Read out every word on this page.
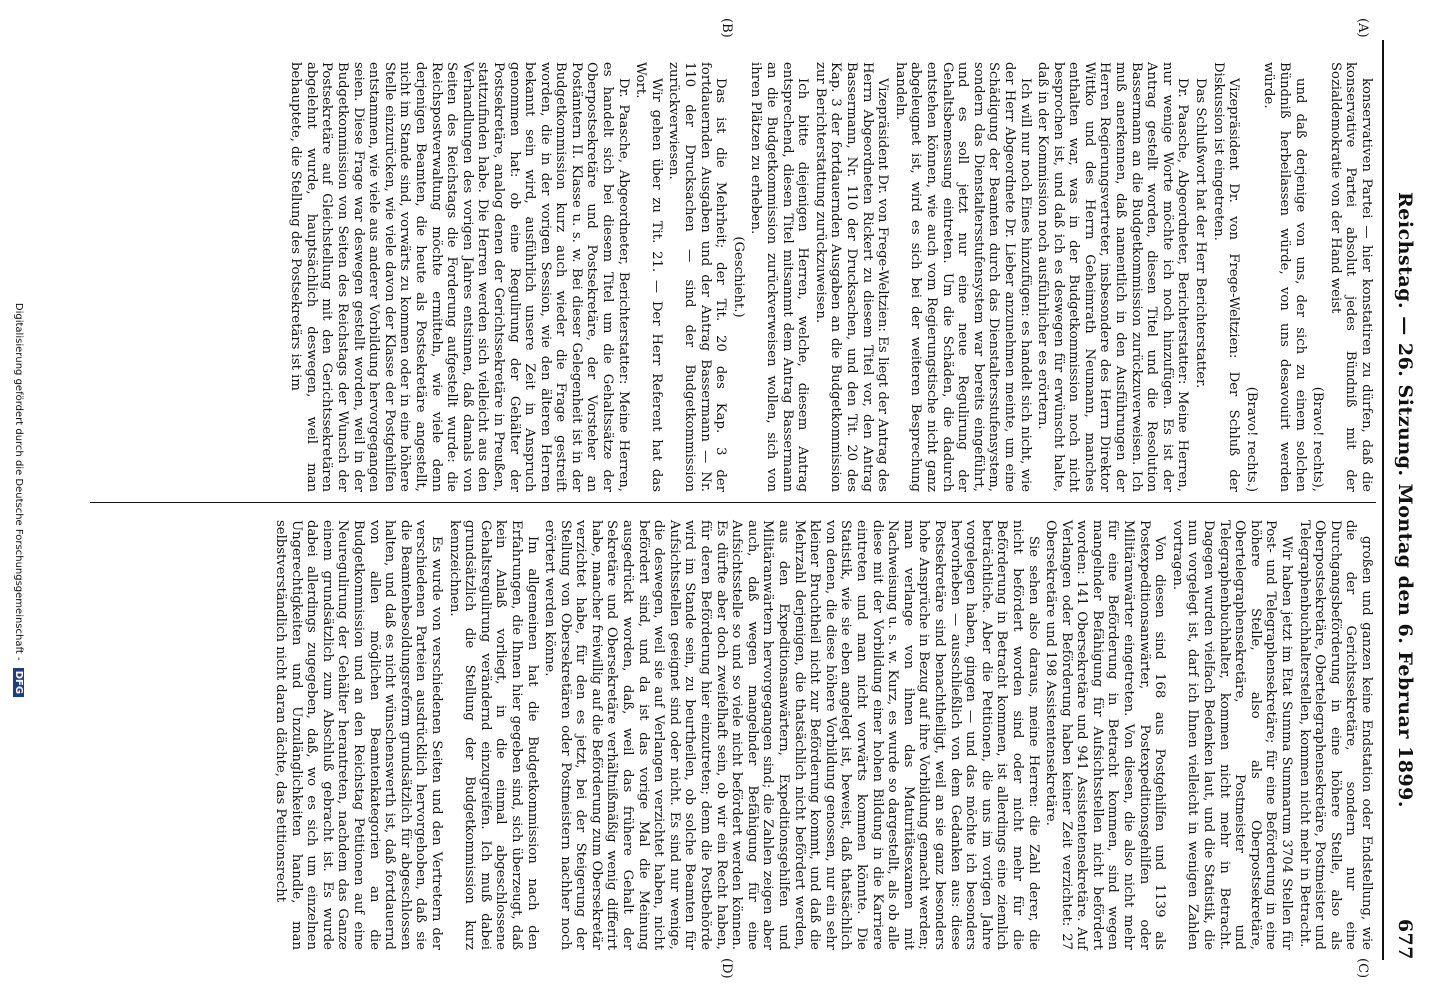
Reichstag. — 26. Sitzung. Montag den 6. Februar 1899.
677
(A)
(B)
(C)
(D)

konservativen Partei — hier konstatiren zu dürfen, daß die konservative Partei absolut jedes Bündniß mit der Sozialdemokratie von der Hand weist

(Bravo! rechts),

und daß derjenige von uns, der sich zu einem solchen Bündniß herbeilassen würde, von uns desavouirt werden würde.

(Bravo! rechts.)

Vizepräsident Dr. von Frege-Weltzien: Der Schluß der Diskussion ist eingetreten.

Das Schlußwort hat der Herr Berichterstatter.

Dr. Paasche, Abgeordneter, Berichterstatter: Meine Herren, nur wenige Worte möchte ich noch hinzufügen. Es ist der Antrag gestellt worden, diesen Titel und die Resolution Bassermann an die Budgetkommission zurückzuverweisen. Ich muß anerkennen, daß namentlich in den Ausführungen der Herren Regierungsvertreter, insbesondere des Herrn Direktor Wittko und des Herrn Geheimrath Neumann, manches enthalten war, was in der Budgetkommission noch nicht besprochen ist, und daß ich es deswegen für erwünscht halte, daß in der Kommission noch ausführlicher es erörtern.

Ich will nur noch Eines hinzufügen: es handelt sich nicht, wie der Herr Abgeordnete Dr. Lieber anzunehmen meinte, um eine Schädigung der Beamten durch das Dienstaltersstufensystem, sondern das Dienstaltersstufensystem war bereits eingeführt, und es soll jetzt nur eine neue Regulirung der Gehaltsbemessung eintreten. Um die Schäden, die dadurch entstehen können, wie auch vom Regierungstische nicht ganz abgeleugnet ist, wird es sich bei der weiteren Besprechung handeln.

Vizepräsident Dr. von Frege-Weltzien: Es liegt der Antrag des Herrn Abgeordneten Rickert zu diesem Titel vor, den Antrag Bassermann, Nr. 110 der Drucksachen, und den Tit. 20 des Kap. 3 der fortdauernden Ausgaben an die Budgetkommission zur Berichterstattung zurückzuweisen.

Ich bitte diejenigen Herren, welche, diesem Antrag entsprechend, diesen Titel mitsammt dem Antrag Bassermann an die Budgetkommission zurückverweisen wollen, sich von ihren Plätzen zu erheben.

(Geschieht.)

Das ist die Mehrheit; der Tit. 20 des Kap. 3 der fortdauernden Ausgaben und der Antrag Bassermann — Nr. 110 der Drucksachen — sind der Budgetkommission zurückverwiesen.

Wir gehen über zu Tit. 21. — Der Herr Referent hat das Wort.

Dr. Paasche, Abgeordneter, Berichterstatter: Meine Herren, es handelt sich bei diesem Titel um die Gehaltssätze der Oberpostsekretäre und Postsekretäre, der Vorsteher an Postämtern II. Klasse u. s. w. Bei dieser Gelegenheit ist in der Budgetkommission kurz auch wieder die Frage gestreift worden, die in der vorigen Session, wie den älteren Herren bekannt sein wird, ausführlich unsere Zeit in Anspruch genommen hat: ob eine Regulirung der Gehälter der Postsekretäre, analog denen der Gerichtssekretäre in Preußen, stattzufinden habe. Die Herren werden sich vielleicht aus den Verhandlungen des vorigen Jahres entsinnen, daß damals von Seiten des Reichstags die Forderung aufgestellt wurde: die Reichspostverwaltung möchte ermitteln, wie viele denn derjenigen Beamten, die heute als Postsekretäre angestellt, nicht im Stande sind, vorwärts zu kommen oder in eine höhere Stelle einzurücken, wie viele davon der Klasse der Postgehilfen entstammen, wie viele aus anderer Vorbildung hervorgegangen seien. Diese Frage war deswegen gestellt worden, weil in der Budgetkommission von Seiten des Reichstags der Wunsch der Postsekretäre auf Gleichstellung mit den Gerichtssekretären abgelehnt wurde, hauptsächlich deswegen, weil man behauptete, die Stellung des Postsekretärs ist im

großen und ganzen keine Endstation oder Endstellung, wie die der Gerichtssekretäre, sondern nur eine Durchgangsbeförderung in eine höhere Stelle, also als Oberpostsekretäre, Obertelegraphensekretäre, Postmeister und Telegraphenbuchhalterstellen, kommen nicht mehr in Betracht.

Wir haben jetzt im Etat Summa Summarum 3704 Stellen für Post- und Telegraphensekretäre; für eine Beförderung in eine höhere Stelle, also als Oberpostsekretäre, Obertelegraphensekretäre, Postmeister und Telegraphenbuchhalter, kommen nicht mehr in Betracht. Dagegen wurden vielfach Bedenken laut, und die Statistik, die nun vorgelegt ist, darf ich Ihnen vielleicht in wenigen Zahlen vortragen.

Von diesen sind 168 aus Postgehilfen und 1139 als Postexpeditionsanwärter, Postexpeditionsgehilfen oder Militäranwärter eingetreten. Von diesen, die also nicht mehr für eine Beförderung in Betracht kommen, sind wegen mangelnder Befähigung für Aufsichtsstellen nicht befördert worden: 141 Obersekretäre und 941 Assistentensekretäre. Auf Verlangen oder Beförderung haben keiner Zeit verzichtet: 27 Obersekretäre und 198 Assistentensekretäre.

Sie sehen also daraus, meine Herren: die Zahl derer, die nicht befördert worden sind oder nicht mehr für die Beförderung in Betracht kommen, ist allerdings eine ziemlich beträchtliche. Aber die Petitionen, die uns im vorigen Jahre vorgelegen haben, gingen — und das möchte ich besonders hervorheben — ausschließlich von dem Gedanken aus: diese Postsekretäre sind benachtheiligt, weil an sie ganz besonders hohe Ansprüche in Bezug auf ihre Vorbildung gemacht werden; man verlange von ihnen das Maturitätsexamen mit Nachweisung u. s. w. Kurz, es wurde so dargestellt, als ob alle diese mit der Vorbildung einer hohen Bildung in die Karriere eintreten und man nicht vorwärts kommen könnte. Die Statistik, wie sie eben angelegt ist, beweist, daß thatsächlich von denen, die diese höhere Vorbildung genossen, nur ein sehr kleiner Bruchtheil nicht zur Beförderung kommt, und daß die Mehrzahl derjenigen, die thatsächlich nicht befördert werden, aus den Expeditionsanwärtern, Expeditionsgehilfen und Militäranwärtern hervorgegangen sind; die Zahlen zeigen aber auch, daß wegen mangelnder Befähigung für eine Aufsichtsstelle so und so viele nicht befördert werden können. Es dürfte aber doch zweifelhaft sein, ob wir ein Recht haben, für deren Beförderung hier einzutreten; denn die Postbehörde wird im Stande sein, zu beurtheilen, ob solche Beamten für Aufsichtsstellen geeignet sind oder nicht. Es sind nur wenige, die deswegen, weil sie auf Verlangen verzichtet haben, nicht befördert sind, und da ist das vorige Mal die Meinung ausgedrückt worden, daß, weil das frühere Gehalt der Sekretäre und Obersekretäre verhältnißmäßig wenig differirt habe, mancher freiwillig auf die Beförderung zum Obersekretär verzichtet habe, für den es jetzt, bei der Steigerung der Stellung von Obersekretären oder Postmeistern nachher noch erörtert werden könne.

Im allgemeinen hat die Budgetkommission nach den Erfahrungen, die Ihnen hier gegeben sind, sich überzeugt, daß kein Anlaß vorliegt, in die einmal abgeschlossene Gehaltsregulirung verändernd einzugreifen. Ich muß dabei grundsätzlich die Stellung der Budgetkommission kurz kennzeichnen.

Es wurde von verschiedenen Seiten und den Vertretern der verschiedenen Parteien ausdrücklich hervorgehoben, daß sie die Beamtenbesoldungsreform grundsätzlich für abgeschlossen halten, und daß es nicht wünschenswerth ist, daß fortdauernd von allen möglichen Beamtenkategorien an die Budgetkommission und an den Reichstag Petitionen auf eine Neuregulirung der Gehälter herantreten, nachdem das Ganze einem grundsätzlich zum Abschluß gebracht ist. Es wurde dabei allerdings zugegeben, daß, wo es sich um einzelnen Ungerechtigkeiten und Unzulänglichkeiten handle, man selbstverständlich nicht daran dächte, das Petitionsrecht

Digitalisierung gefördert durch die Deutsche Forschungsgemeinschaft - DFG
